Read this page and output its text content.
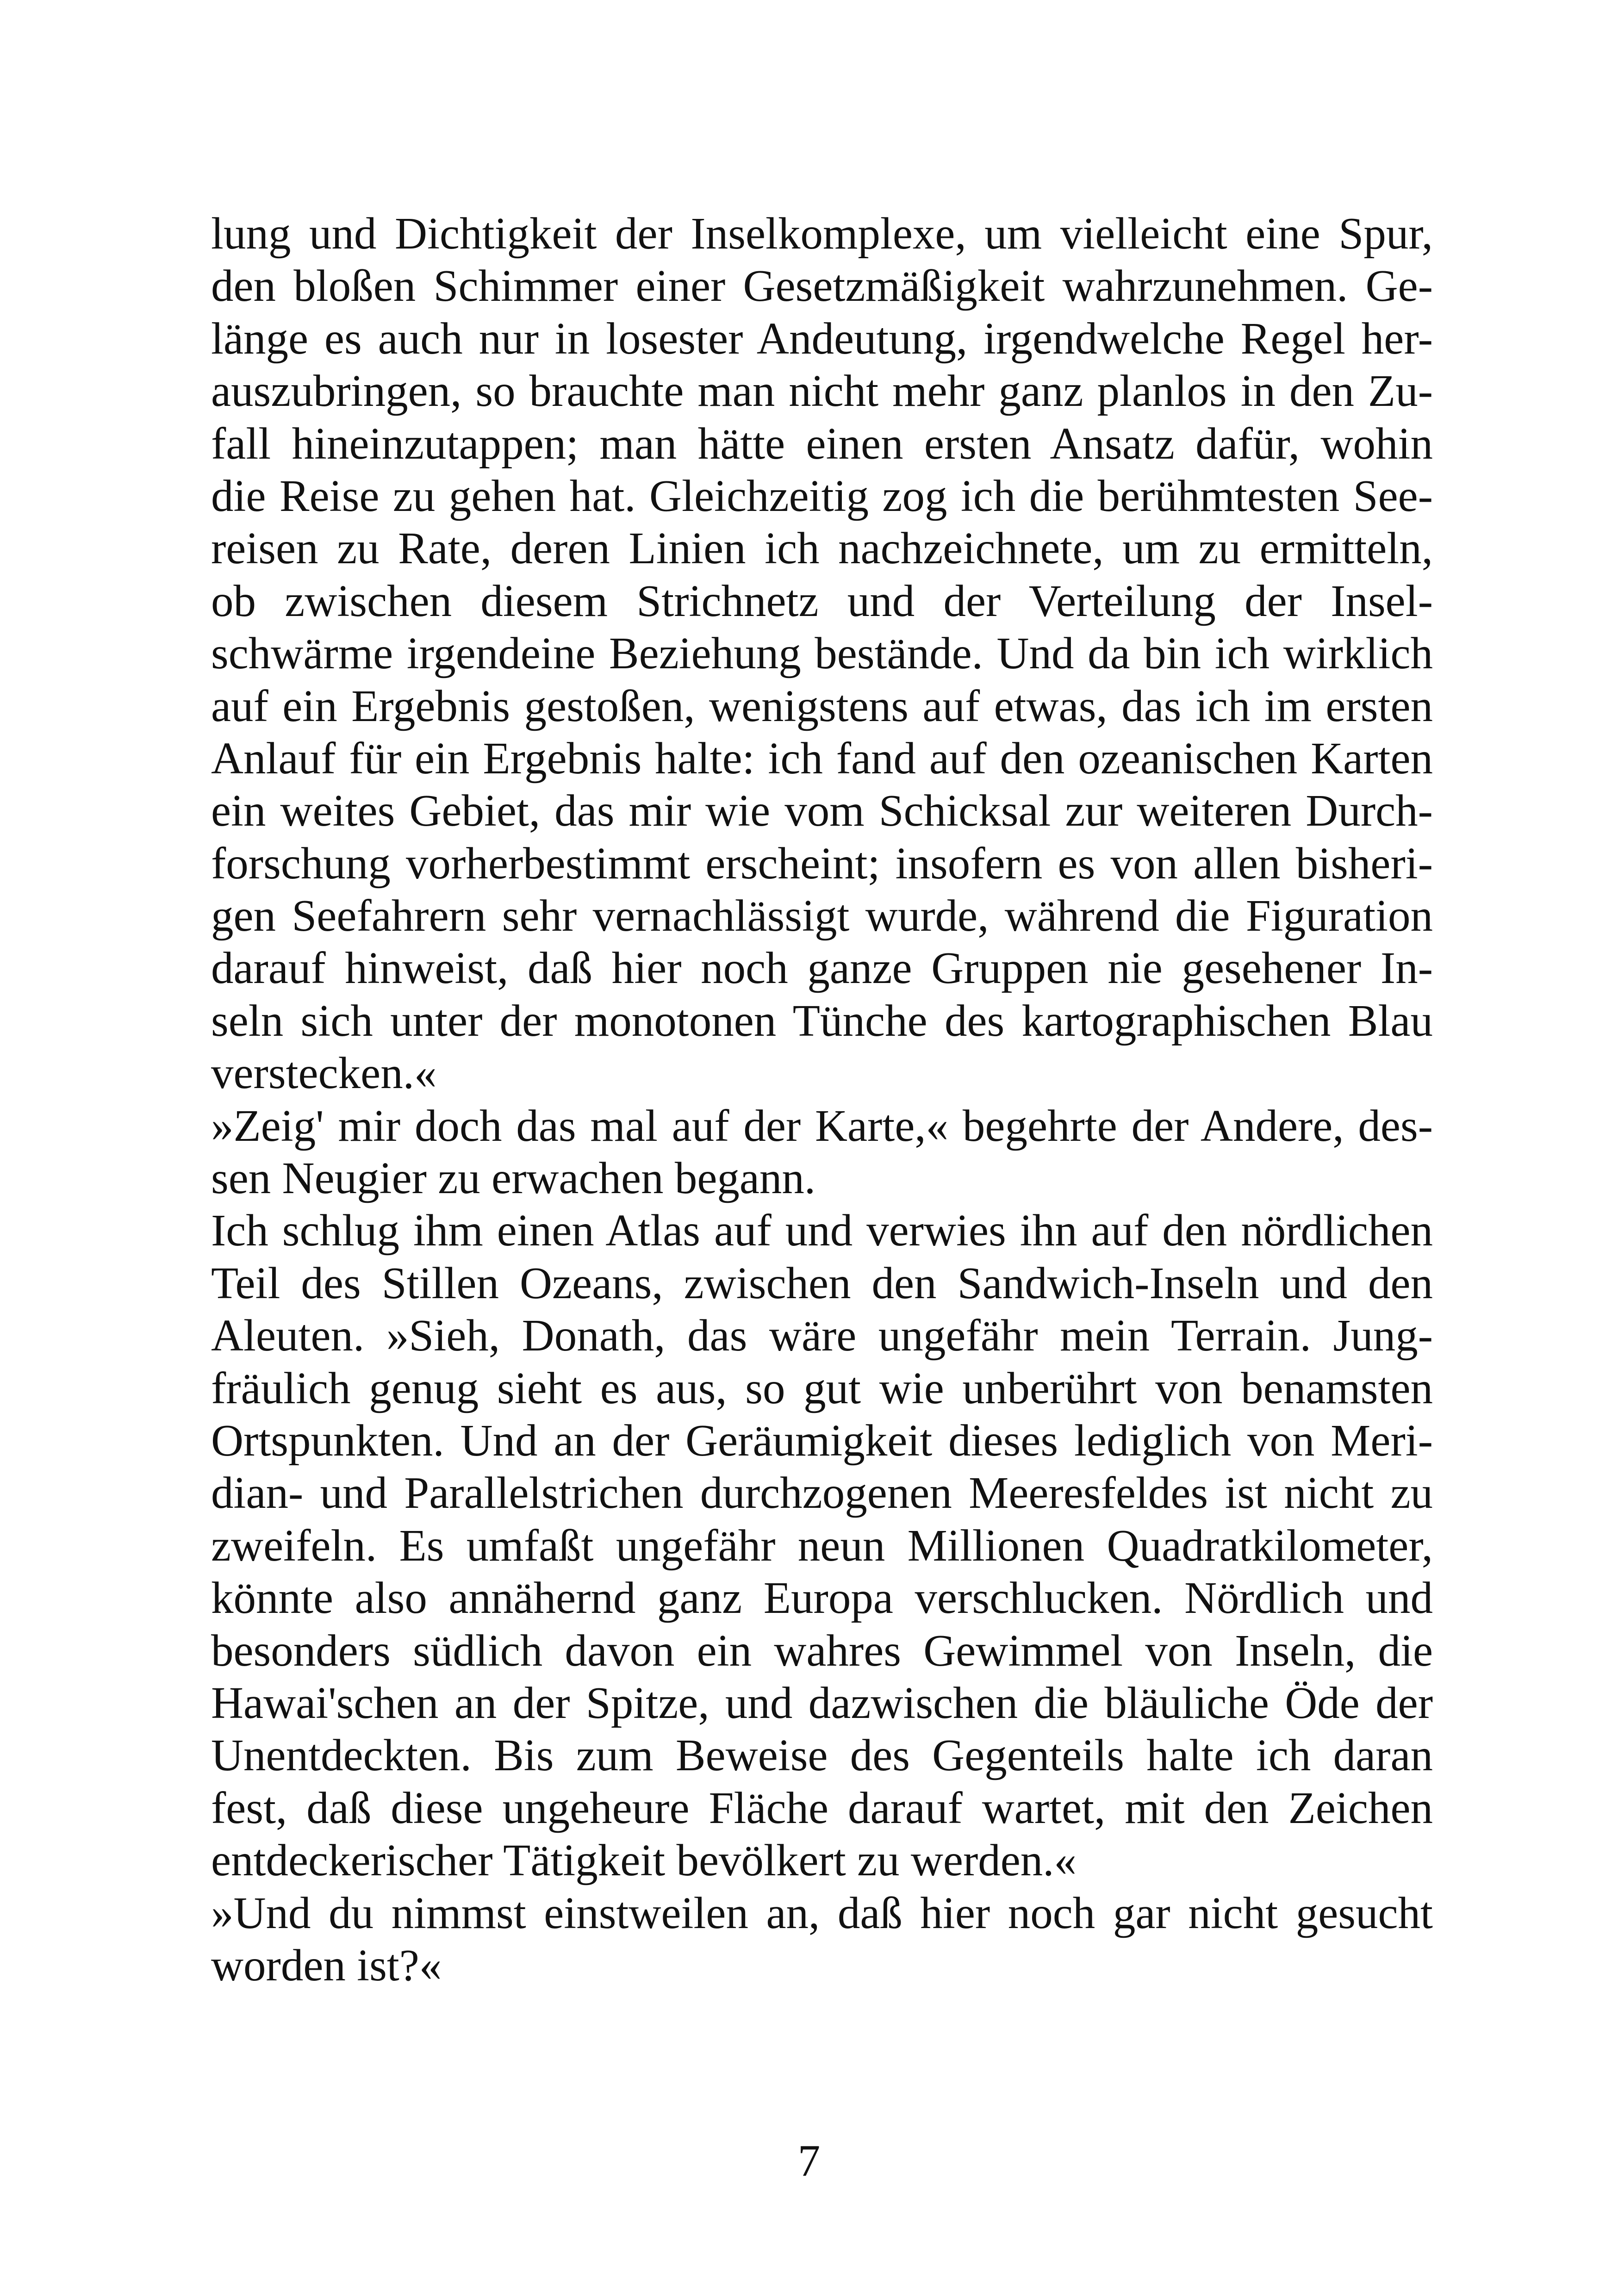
lung und Dichtigkeit der Inselkomplexe, um vielleicht eine Spur,
den bloßen Schimmer einer Gesetzmäßigkeit wahrzunehmen. Ge-
länge es auch nur in losester Andeutung, irgendwelche Regel her-
auszubringen, so brauchte man nicht mehr ganz planlos in den Zu-
fall hineinzutappen; man hätte einen ersten Ansatz dafür, wohin
die Reise zu gehen hat. Gleichzeitig zog ich die berühmtesten See-
reisen zu Rate, deren Linien ich nachzeichnete, um zu ermitteln,
ob zwischen diesem Strichnetz und der Verteilung der Insel-
schwärme irgendeine Beziehung bestände. Und da bin ich wirklich
auf ein Ergebnis gestoßen, wenigstens auf etwas, das ich im ersten
Anlauf für ein Ergebnis halte: ich fand auf den ozeanischen Karten
ein weites Gebiet, das mir wie vom Schicksal zur weiteren Durch-
forschung vorherbestimmt erscheint; insofern es von allen bisheri-
gen Seefahrern sehr vernachlässigt wurde, während die Figuration
darauf hinweist, daß hier noch ganze Gruppen nie gesehener In-
seln sich unter der monotonen Tünche des kartographischen Blau
verstecken.«
»Zeig' mir doch das mal auf der Karte,« begehrte der Andere, des-
sen Neugier zu erwachen begann.
Ich schlug ihm einen Atlas auf und verwies ihn auf den nördlichen
Teil des Stillen Ozeans, zwischen den Sandwich-Inseln und den
Aleuten. »Sieh, Donath, das wäre ungefähr mein Terrain. Jung-
fräulich genug sieht es aus, so gut wie unberührt von benamsten
Ortspunkten. Und an der Geräumigkeit dieses lediglich von Meri-
dian- und Parallelstrichen durchzogenen Meeresfeldes ist nicht zu
zweifeln. Es umfaßt ungefähr neun Millionen Quadratkilometer,
könnte also annähernd ganz Europa verschlucken. Nördlich und
besonders südlich davon ein wahres Gewimmel von Inseln, die
Hawai'schen an der Spitze, und dazwischen die bläuliche Öde der
Unentdeckten. Bis zum Beweise des Gegenteils halte ich daran
fest, daß diese ungeheure Fläche darauf wartet, mit den Zeichen
entdeckerischer Tätigkeit bevölkert zu werden.«
»Und du nimmst einstweilen an, daß hier noch gar nicht gesucht
worden ist?«
7
